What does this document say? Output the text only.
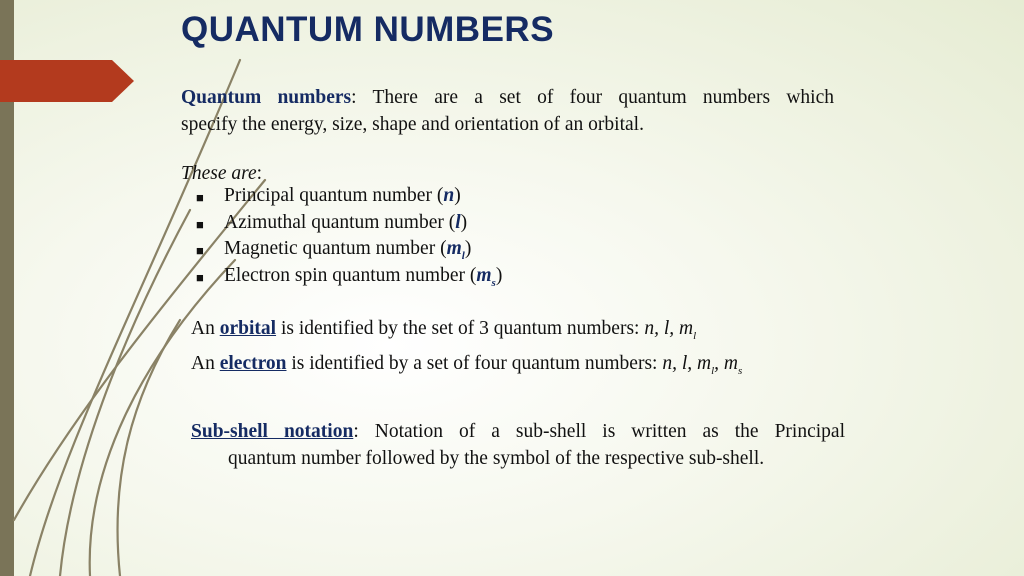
QUANTUM NUMBERS
Quantum numbers: There are a set of four quantum numbers which
specify the energy, size, shape and orientation of an orbital.
These are:
■	Principal quantum number (n)
■	Azimuthal quantum number (l)
■	Magnetic quantum number $(m_l)$
■	Electron spin quantum number $(m_s)$
An orbital is identified by the set of 3 quantum numbers: n, l, $m_l$
An electron is identified by a set of four quantum numbers: n, l, $m_l$, $m_s$
Sub-shell notation: Notation of a sub-shell is written as the Principal
quantum number followed by the symbol of the respective sub-shell.
